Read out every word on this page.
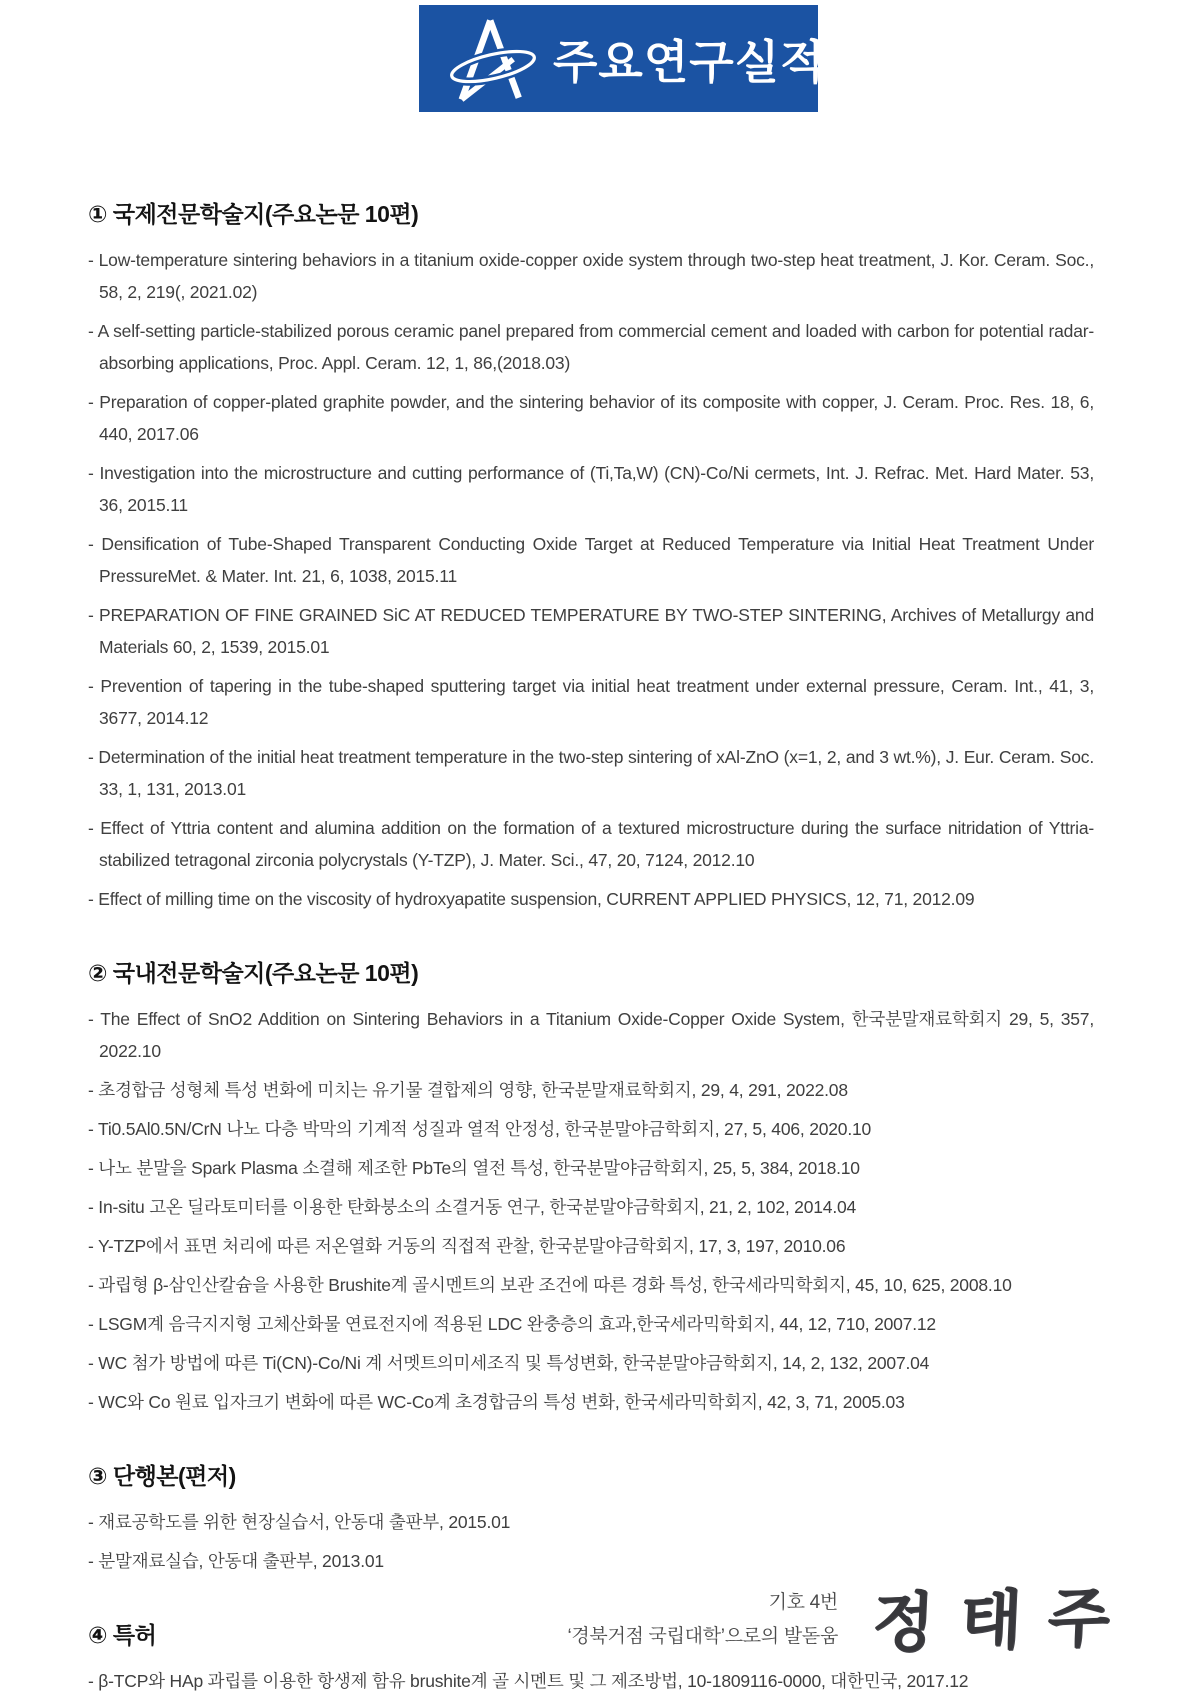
주요연구실적
① 국제전문학술지(주요논문 10편)
- Low-temperature sintering behaviors in a titanium oxide-copper oxide system through two-step heat treatment, J. Kor. Ceram. Soc., 58, 2, 219(, 2021.02)
- A self-setting particle-stabilized porous ceramic panel prepared from commercial cement and loaded with carbon for potential radar-absorbing applications, Proc. Appl. Ceram. 12, 1, 86,(2018.03)
- Preparation of copper-plated graphite powder, and the sintering behavior of its composite with copper, J. Ceram. Proc. Res. 18, 6, 440, 2017.06
- Investigation into the microstructure and cutting performance of (Ti,Ta,W) (CN)-Co/Ni cermets, Int. J. Refrac. Met. Hard Mater. 53, 36, 2015.11
- Densification of Tube-Shaped Transparent Conducting Oxide Target at Reduced Temperature via Initial Heat Treatment Under PressureMet. & Mater. Int. 21, 6, 1038, 2015.11
- PREPARATION OF FINE GRAINED SiC AT REDUCED TEMPERATURE BY TWO-STEP SINTERING, Archives of Metallurgy and Materials 60, 2, 1539, 2015.01
- Prevention of tapering in the tube-shaped sputtering target via initial heat treatment under external pressure, Ceram. Int., 41, 3, 3677, 2014.12
- Determination of the initial heat treatment temperature in the two-step sintering of xAl-ZnO (x=1, 2, and 3 wt.%), J. Eur. Ceram. Soc. 33, 1, 131, 2013.01
- Effect of Yttria content and alumina addition on the formation of a textured microstructure during the surface nitridation of Yttria-stabilized tetragonal zirconia polycrystals (Y-TZP), J. Mater. Sci., 47, 20, 7124, 2012.10
- Effect of milling time on the viscosity of hydroxyapatite suspension, CURRENT APPLIED PHYSICS, 12, 71, 2012.09
② 국내전문학술지(주요논문 10편)
- The Effect of SnO2 Addition on Sintering Behaviors in a Titanium Oxide-Copper Oxide System, 한국분말재료학회지 29, 5, 357, 2022.10
- 초경합금 성형체 특성 변화에 미치는 유기물 결합제의 영향, 한국분말재료학회지, 29, 4, 291, 2022.08
- Ti0.5Al0.5N/CrN 나노 다층 박막의 기계적 성질과 열적 안정성, 한국분말야금학회지, 27, 5, 406, 2020.10
- 나노 분말을 Spark Plasma 소결해 제조한 PbTe의 열전 특성, 한국분말야금학회지, 25, 5, 384, 2018.10
- In-situ 고온 딜라토미터를 이용한 탄화붕소의 소결거동 연구, 한국분말야금학회지, 21, 2, 102, 2014.04
- Y-TZP에서 표면 처리에 따른 저온열화 거동의 직접적 관찰, 한국분말야금학회지, 17, 3, 197, 2010.06
- 과립형 β-삼인산칼슘을 사용한 Brushite계 골시멘트의 보관 조건에 따른 경화 특성, 한국세라믹학회지, 45, 10, 625, 2008.10
- LSGM계 음극지지형 고체산화물 연료전지에 적용된 LDC 완충층의 효과,한국세라믹학회지, 44, 12, 710, 2007.12
- WC 첨가 방법에 따른 Ti(CN)-Co/Ni 계 서멧트의미세조직 및 특성변화, 한국분말야금학회지, 14, 2, 132, 2007.04
- WC와 Co 원료 입자크기 변화에 따른 WC-Co계 초경합금의 특성 변화, 한국세라믹학회지, 42, 3, 71, 2005.03
③ 단행본(편저)
- 재료공학도를 위한 현장실습서, 안동대 출판부, 2015.01
- 분말재료실습, 안동대 출판부, 2013.01
④ 특허
- β-TCP와 HAp 과립를 이용한 항생제 함유 brushite계 골 시멘트 및 그 제조방법, 10-1809116-0000, 대한민국, 2017.12
기호 4번
‘경북거점 국립대학’으로의 발돋움 정태주
